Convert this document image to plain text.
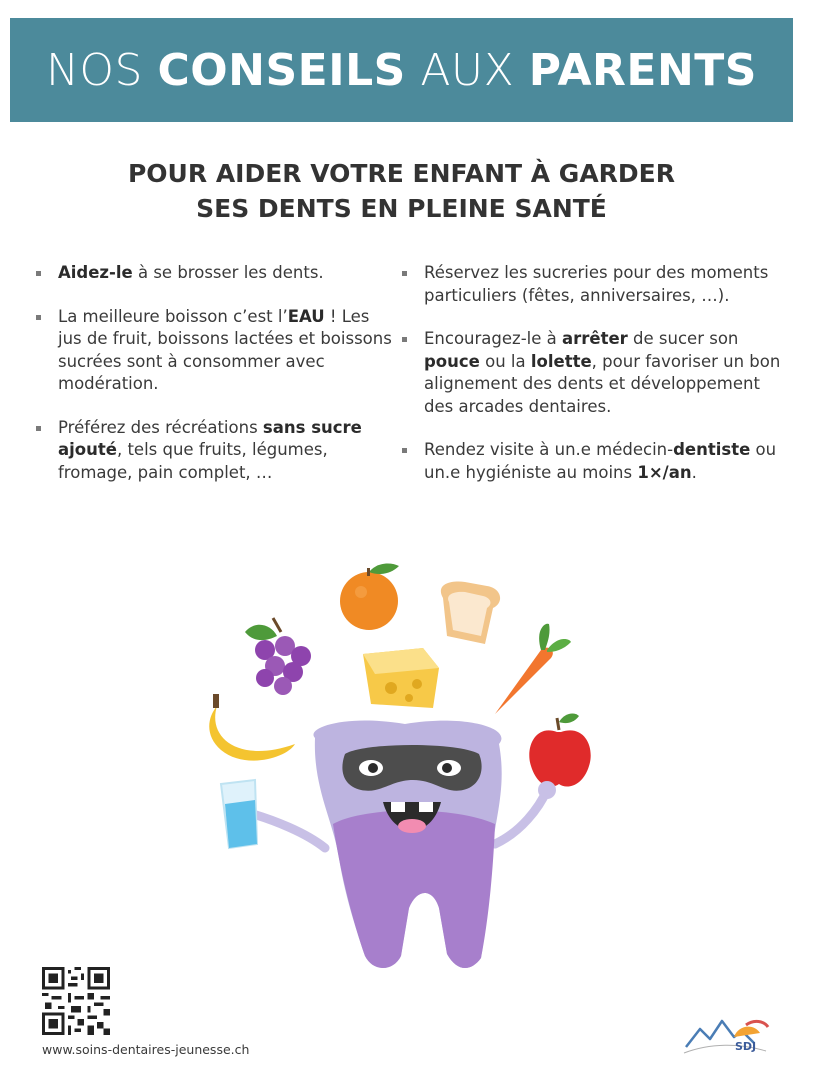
NOS CONSEILS AUX PARENTS
POUR AIDER VOTRE ENFANT À GARDER
SES DENTS EN PLEINE SANTÉ
Aidez-le à se brosser les dents.
La meilleure boisson c’est l’EAU ! Les jus de fruit, boissons lactées et boissons sucrées sont à consommer avec modération.
Préférez des récréations sans sucre ajouté, tels que fruits, légumes, fromage, pain complet, …
Réservez les sucreries pour des moments particuliers (fêtes, anniversaires, …).
Encouragez-le à arrêter de sucer son pouce ou la lolette, pour favoriser un bon alignement des dents et développement des arcades dentaires.
Rendez visite à un.e médecin-dentiste ou un.e hygiéniste au moins 1×/an.
www.soins-dentaires-jeunesse.ch	SDJ
